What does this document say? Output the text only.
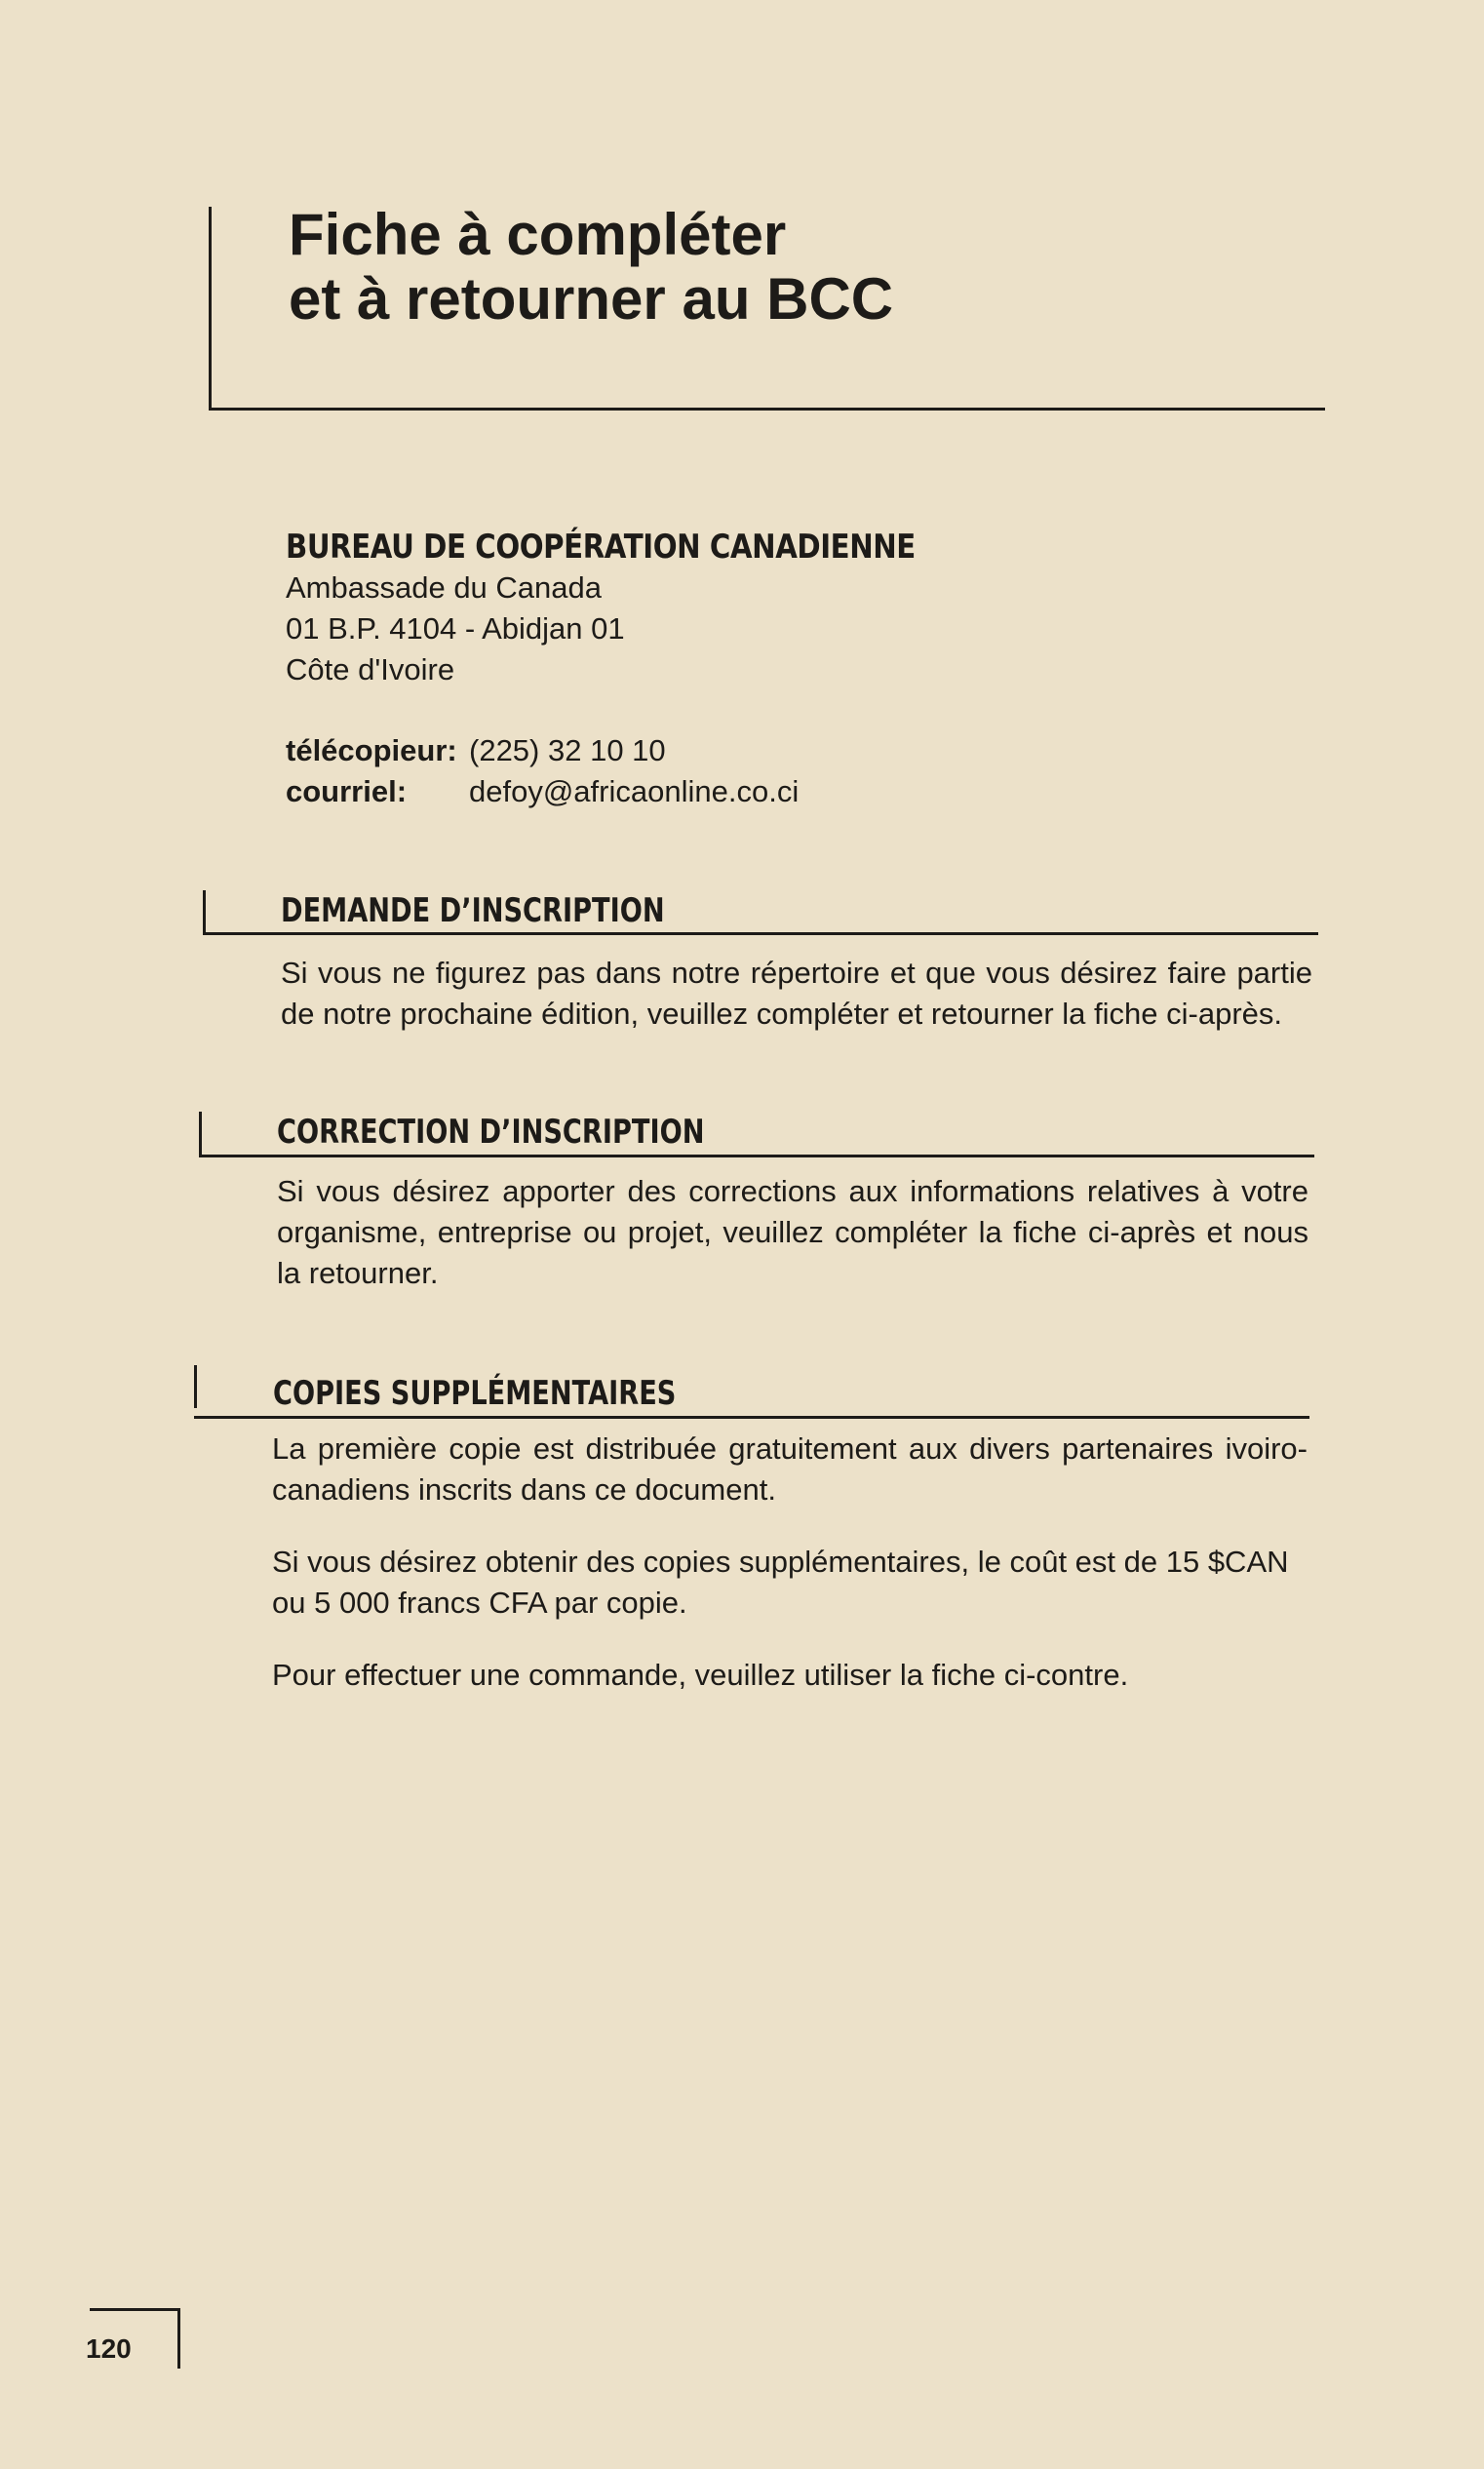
Fiche à compléter
et à retourner au BCC
BUREAU DE COOPÉRATION CANADIENNE
Ambassade du Canada
01 B.P. 4104 - Abidjan 01
Côte d'Ivoire
télécopieur: (225) 32 10 10
courriel:	defoy@africaonline.co.ci
DEMANDE D’INSCRIPTION

Si vous ne figurez pas dans notre répertoire et que vous désirez faire partie de notre prochaine édition, veuillez compléter et retourner la fiche ci-après.

CORRECTION D’INSCRIPTION

Si vous désirez apporter des corrections aux informations relatives à votre organisme, entreprise ou projet, veuillez compléter la fiche ci-après et nous la retourner.

COPIES SUPPLÉMENTAIRES

La première copie est distribuée gratuitement aux divers partenaires ivoiro-canadiens inscrits dans ce document.

Si vous désirez obtenir des copies supplémentaires, le coût est de 15 $CAN ou 5 000 francs CFA par copie.

Pour effectuer une commande, veuillez utiliser la fiche ci-contre.

120
